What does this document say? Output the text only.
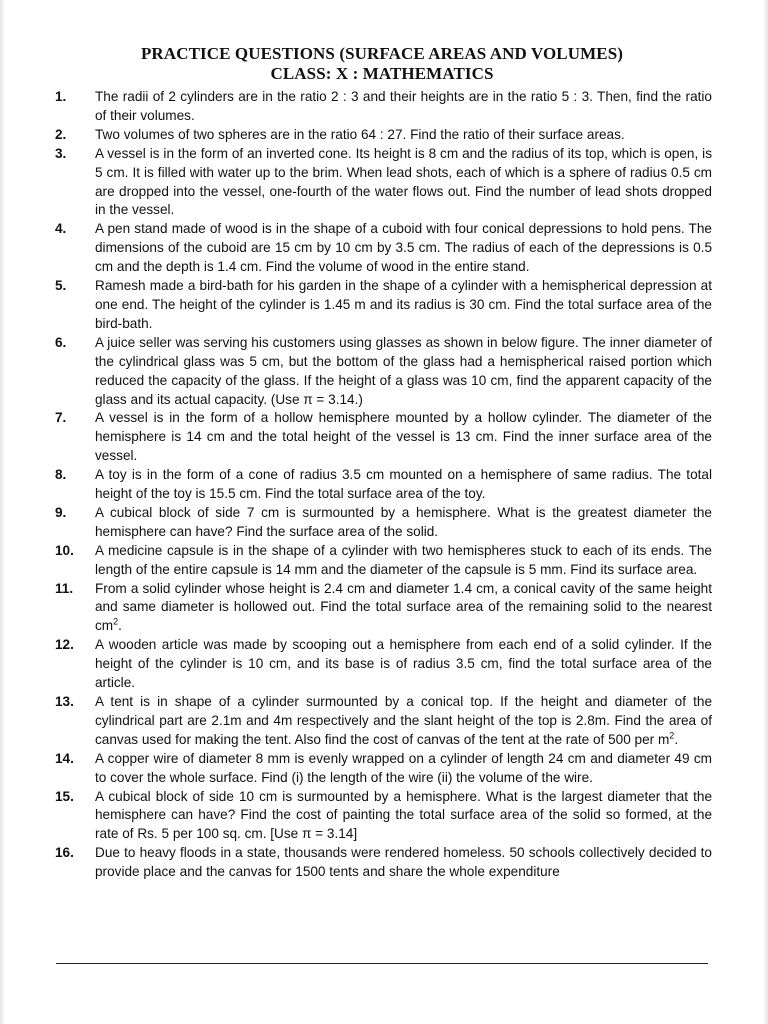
PRACTICE QUESTIONS (SURFACE AREAS AND VOLUMES)
CLASS: X : MATHEMATICS
1.	The radii of 2 cylinders are in the ratio 2 : 3 and their heights are in the ratio 5 : 3. Then, find the ratio of their volumes.
2.	Two volumes of two spheres are in the ratio 64 : 27. Find the ratio of their surface areas.
3.	A vessel is in the form of an inverted cone. Its height is 8 cm and the radius of its top, which is open, is 5 cm. It is filled with water up to the brim. When lead shots, each of which is a sphere of radius 0.5 cm are dropped into the vessel, one-fourth of the water flows out. Find the number of lead shots dropped in the vessel.
4.	A pen stand made of wood is in the shape of a cuboid with four conical depressions to hold pens. The dimensions of the cuboid are 15 cm by 10 cm by 3.5 cm. The radius of each of the depressions is 0.5 cm and the depth is 1.4 cm. Find the volume of wood in the entire stand.
5.	Ramesh made a bird-bath for his garden in the shape of a cylinder with a hemispherical depression at one end. The height of the cylinder is 1.45 m and its radius is 30 cm. Find the total surface area of the bird-bath.
6.	A juice seller was serving his customers using glasses as shown in below figure. The inner diameter of the cylindrical glass was 5 cm, but the bottom of the glass had a hemispherical raised portion which reduced the capacity of the glass. If the height of a glass was 10 cm, find the apparent capacity of the glass and its actual capacity. (Use π = 3.14.)
7.	A vessel is in the form of a hollow hemisphere mounted by a hollow cylinder. The diameter of the hemisphere is 14 cm and the total height of the vessel is 13 cm. Find the inner surface area of the vessel.
8.	A toy is in the form of a cone of radius 3.5 cm mounted on a hemisphere of same radius. The total height of the toy is 15.5 cm. Find the total surface area of the toy.
9.	A cubical block of side 7 cm is surmounted by a hemisphere. What is the greatest diameter the hemisphere can have? Find the surface area of the solid.
10.	A medicine capsule is in the shape of a cylinder with two hemispheres stuck to each of its ends. The length of the entire capsule is 14 mm and the diameter of the capsule is 5 mm. Find its surface area.
11.	From a solid cylinder whose height is 2.4 cm and diameter 1.4 cm, a conical cavity of the same height and same diameter is hollowed out. Find the total surface area of the remaining solid to the nearest $cm^2$.
12.	A wooden article was made by scooping out a hemisphere from each end of a solid cylinder. If the height of the cylinder is 10 cm, and its base is of radius 3.5 cm, find the total surface area of the article.
13.	A tent is in shape of a cylinder surmounted by a conical top. If the height and diameter of the cylindrical part are 2.1m and 4m respectively and the slant height of the top is 2.8m. Find the area of canvas used for making the tent. Also find the cost of canvas of the tent at the rate of 500 per $m^2$.
14.	A copper wire of diameter 8 mm is evenly wrapped on a cylinder of length 24 cm and diameter 49 cm to cover the whole surface. Find (i) the length of the wire (ii) the volume of the wire.
15.	A cubical block of side 10 cm is surmounted by a hemisphere. What is the largest diameter that the hemisphere can have? Find the cost of painting the total surface area of the solid so formed, at the rate of Rs. 5 per 100 sq. cm. [Use π = 3.14]
16.	Due to heavy floods in a state, thousands were rendered homeless. 50 schools collectively decided to provide place and the canvas for 1500 tents and share the whole expenditure
